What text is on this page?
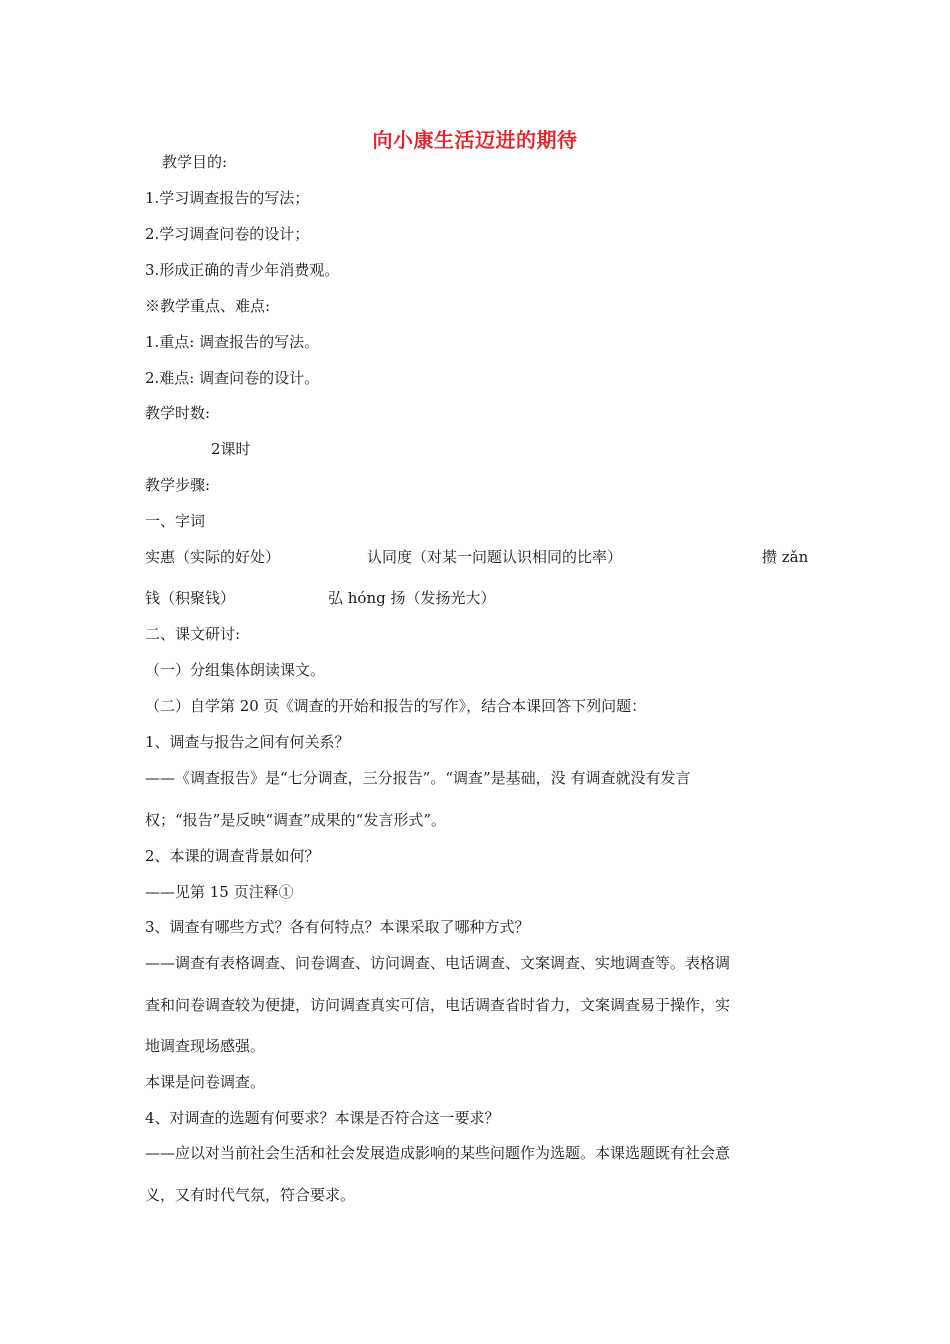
向小康生活迈进的期待
教学目的:
1.学习调查报告的写法；
2.学习调查问卷的设计；
3.形成正确的青少年消费观。
※教学重点、难点:
1.重点: 调查报告的写法。
2.难点: 调查问卷的设计。
教学时数:
2课时
教学步骤:
一、字词
实惠（实际的好处）	认同度（对某一问题认识相同的比率）	攒 zǎn
钱（积聚钱）	弘 hóng 扬（发扬光大）
二、课文研讨:
（一）分组集体朗读课文。
（二）自学第 20 页《调查的开始和报告的写作》，结合本课回答下列问题：
1、调查与报告之间有何关系？
——《调查报告》是“七分调查，三分报告”。“调查”是基础，没 有调查就没有发言
权；“报告”是反映“调查”成果的“发言形式”。
2、本课的调查背景如何？
——见第 15 页注释①
3、调查有哪些方式？各有何特点？本课采取了哪种方式？
——调查有表格调查、问卷调查、访问调查、电话调查、文案调查、实地调查等。表格调
查和问卷调查较为便捷，访问调查真实可信，电话调查省时省力，文案调查易于操作，实
地调查现场感强。
本课是问卷调查。
4、对调查的选题有何要求？本课是否符合这一要求？
——应以对当前社会生活和社会发展造成影响的某些问题作为选题。本课选题既有社会意
义，又有时代气氛，符合要求。
